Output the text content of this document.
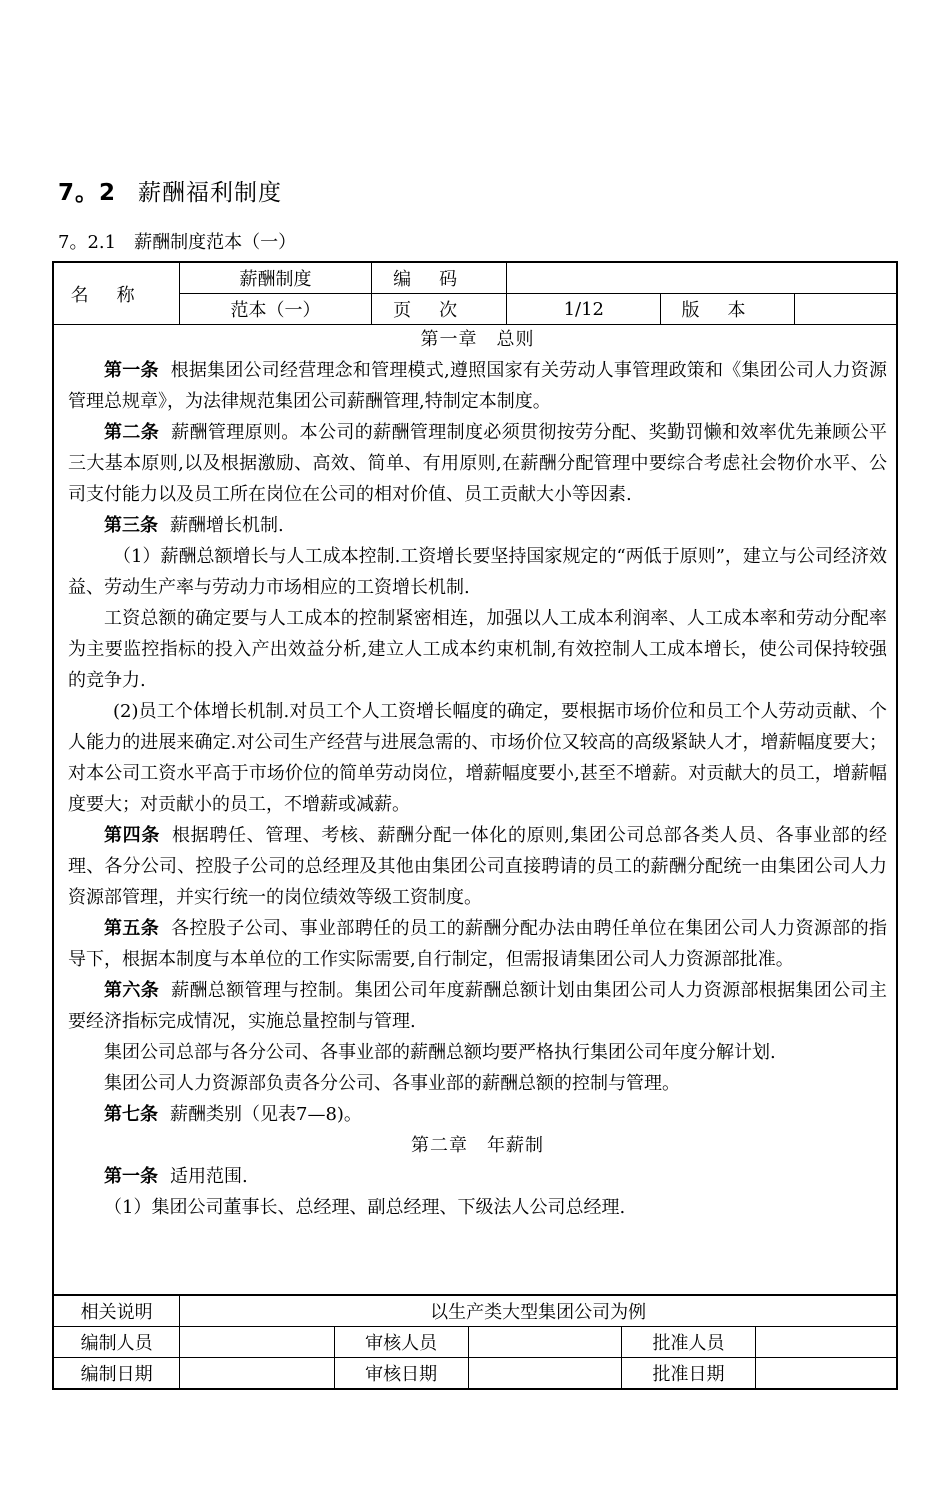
7。2 薪酬福利制度
7。2.1 薪酬制度范本（一）
名称	薪酬制度	编码			
	范本（一）	页次	1/12	版本	

第一章　总则

第一条 根据集团公司经营理念和管理模式,遵照国家有关劳动人事管理政策和《集团公司人力资源管理总规章》，为法律规范集团公司薪酬管理,特制定本制度。

第二条 薪酬管理原则。本公司的薪酬管理制度必须贯彻按劳分配、奖勤罚懒和效率优先兼顾公平三大基本原则,以及根据激励、高效、简单、有用原则,在薪酬分配管理中要综合考虑社会物价水平、公司支付能力以及员工所在岗位在公司的相对价值、员工贡献大小等因素.

第三条 薪酬增长机制.

（1）薪酬总额增长与人工成本控制.工资增长要坚持国家规定的“两低于原则”，建立与公司经济效益、劳动生产率与劳动力市场相应的工资增长机制.

工资总额的确定要与人工成本的控制紧密相连，加强以人工成本利润率、人工成本率和劳动分配率为主要监控指标的投入产出效益分析,建立人工成本约束机制,有效控制人工成本增长，使公司保持较强的竞争力.

(2)员工个体增长机制.对员工个人工资增长幅度的确定，要根据市场价位和员工个人劳动贡献、个人能力的进展来确定.对公司生产经营与进展急需的、市场价位又较高的高级紧缺人才，增薪幅度要大；对本公司工资水平高于市场价位的简单劳动岗位，增薪幅度要小,甚至不增薪。对贡献大的员工，增薪幅度要大；对贡献小的员工，不增薪或减薪。

第四条 根据聘任、管理、考核、薪酬分配一体化的原则,集团公司总部各类人员、各事业部的经理、各分公司、控股子公司的总经理及其他由集团公司直接聘请的员工的薪酬分配统一由集团公司人力资源部管理，并实行统一的岗位绩效等级工资制度。

第五条 各控股子公司、事业部聘任的员工的薪酬分配办法由聘任单位在集团公司人力资源部的指导下，根据本制度与本单位的工作实际需要,自行制定，但需报请集团公司人力资源部批准。

第六条 薪酬总额管理与控制。集团公司年度薪酬总额计划由集团公司人力资源部根据集团公司主要经济指标完成情况，实施总量控制与管理.

集团公司总部与各分公司、各事业部的薪酬总额均要严格执行集团公司年度分解计划.

集团公司人力资源部负责各分公司、各事业部的薪酬总额的控制与管理。

第七条 薪酬类别（见表7—8)。

第二章　年薪制

第一条 适用范围.

（1）集团公司董事长、总经理、副总经理、下级法人公司总经理.

相关说明	以生产类大型集团公司为例				
编制人员		审核人员		批准人员	
编制日期		审核日期		批准日期	
